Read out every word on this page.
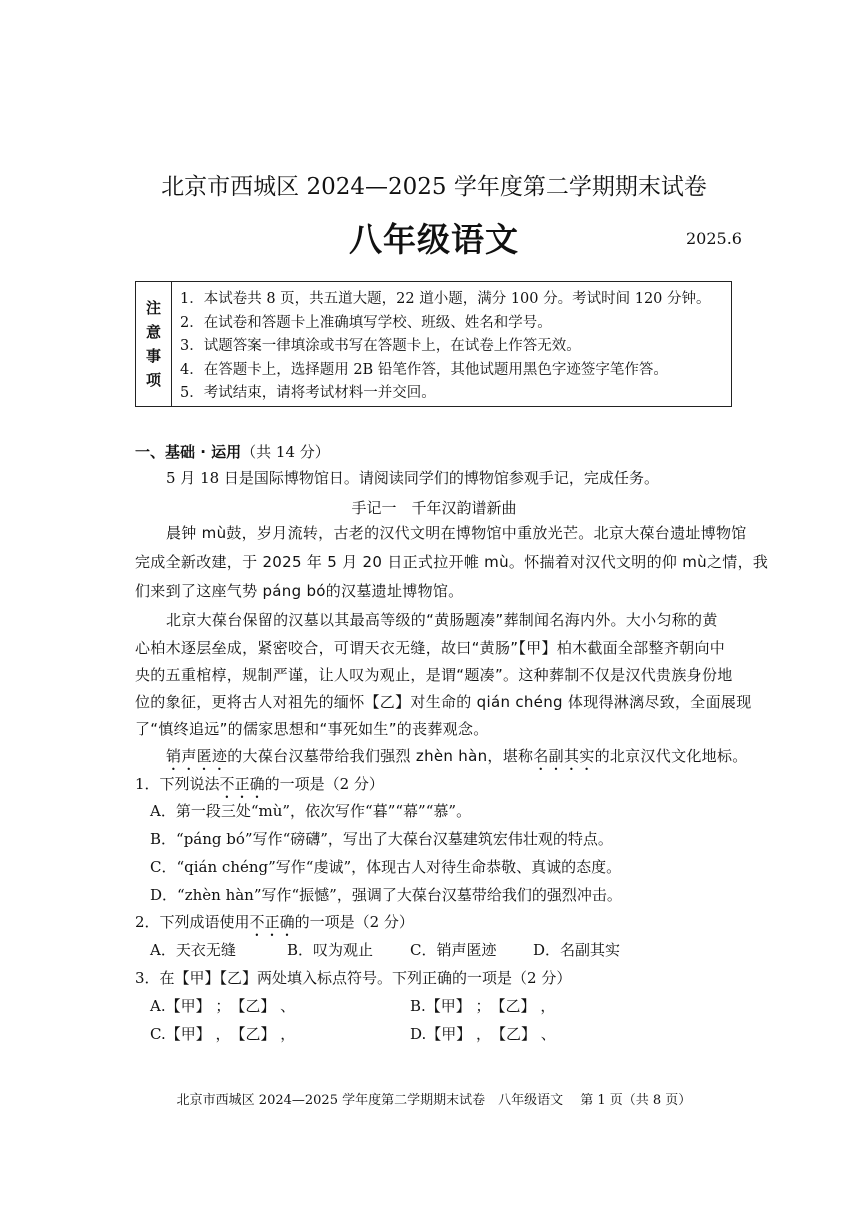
北京市西城区 2024—2025 学年度第二学期期末试卷
八年级语文	2025.6
注
意
事
项
1．本试卷共 8 页，共五道大题，22 道小题，满分 100 分。考试时间 120 分钟。
2．在试卷和答题卡上准确填写学校、班级、姓名和学号。
3．试题答案一律填涂或书写在答题卡上，在试卷上作答无效。
4．在答题卡上，选择题用 2B 铅笔作答，其他试题用黑色字迹签字笔作答。
5．考试结束，请将考试材料一并交回。
一、基础 · 运用（共 14 分）
5 月 18 日是国际博物馆日。请阅读同学们的博物馆参观手记，完成任务。
手记一　千年汉韵谱新曲
晨钟 mù鼓，岁月流转，古老的汉代文明在博物馆中重放光芒。北京大葆台遗址博物馆
完成全新改建，于 2025 年 5 月 20 日正式拉开帷 mù。怀揣着对汉代文明的仰 mù之情，我
们来到了这座气势 páng bó的汉墓遗址博物馆。
北京大葆台保留的汉墓以其最高等级的“黄肠题凑”葬制闻名海内外。大小匀称的黄
心柏木逐层垒成，紧密咬合，可谓天衣无缝，故曰“黄肠”【甲】柏木截面全部整齐朝向中
央的五重棺椁，规制严谨，让人叹为观止，是谓“题凑”。这种葬制不仅是汉代贵族身份地
位的象征，更将古人对祖先的缅怀【乙】对生命的 qián chéng 体现得淋漓尽致，全面展现
了“慎终追远”的儒家思想和“事死如生”的丧葬观念。
销声匿迹的大葆台汉墓带给我们强烈 zhèn hàn，堪称名副其实的北京汉代文化地标。
1．下列说法不正确的一项是（2 分）
A．第一段三处“mù”，依次写作“暮”“幕”“慕”。
B．“páng bó”写作“磅礴”，写出了大葆台汉墓建筑宏伟壮观的特点。
C．“qián chéng”写作“虔诚”，体现古人对待生命恭敬、真诚的态度。
D．“zhèn hàn”写作“振憾”，强调了大葆台汉墓带给我们的强烈冲击。
2．下列成语使用不正确的一项是（2 分）
A．天衣无缝	B．叹为观止 C．销声匿迹 D．名副其实
3．在【甲】【乙】两处填入标点符号。下列正确的一项是（2 分）
A.【甲】 ；　【乙】 、	B.【甲】 ；　【乙】 ，
C.【甲】 ，　【乙】 ，	D.【甲】 ，　【乙】 、
北京市西城区 2024—2025 学年度第二学期期末试卷　八年级语文　 第 1 页（共 8 页）
